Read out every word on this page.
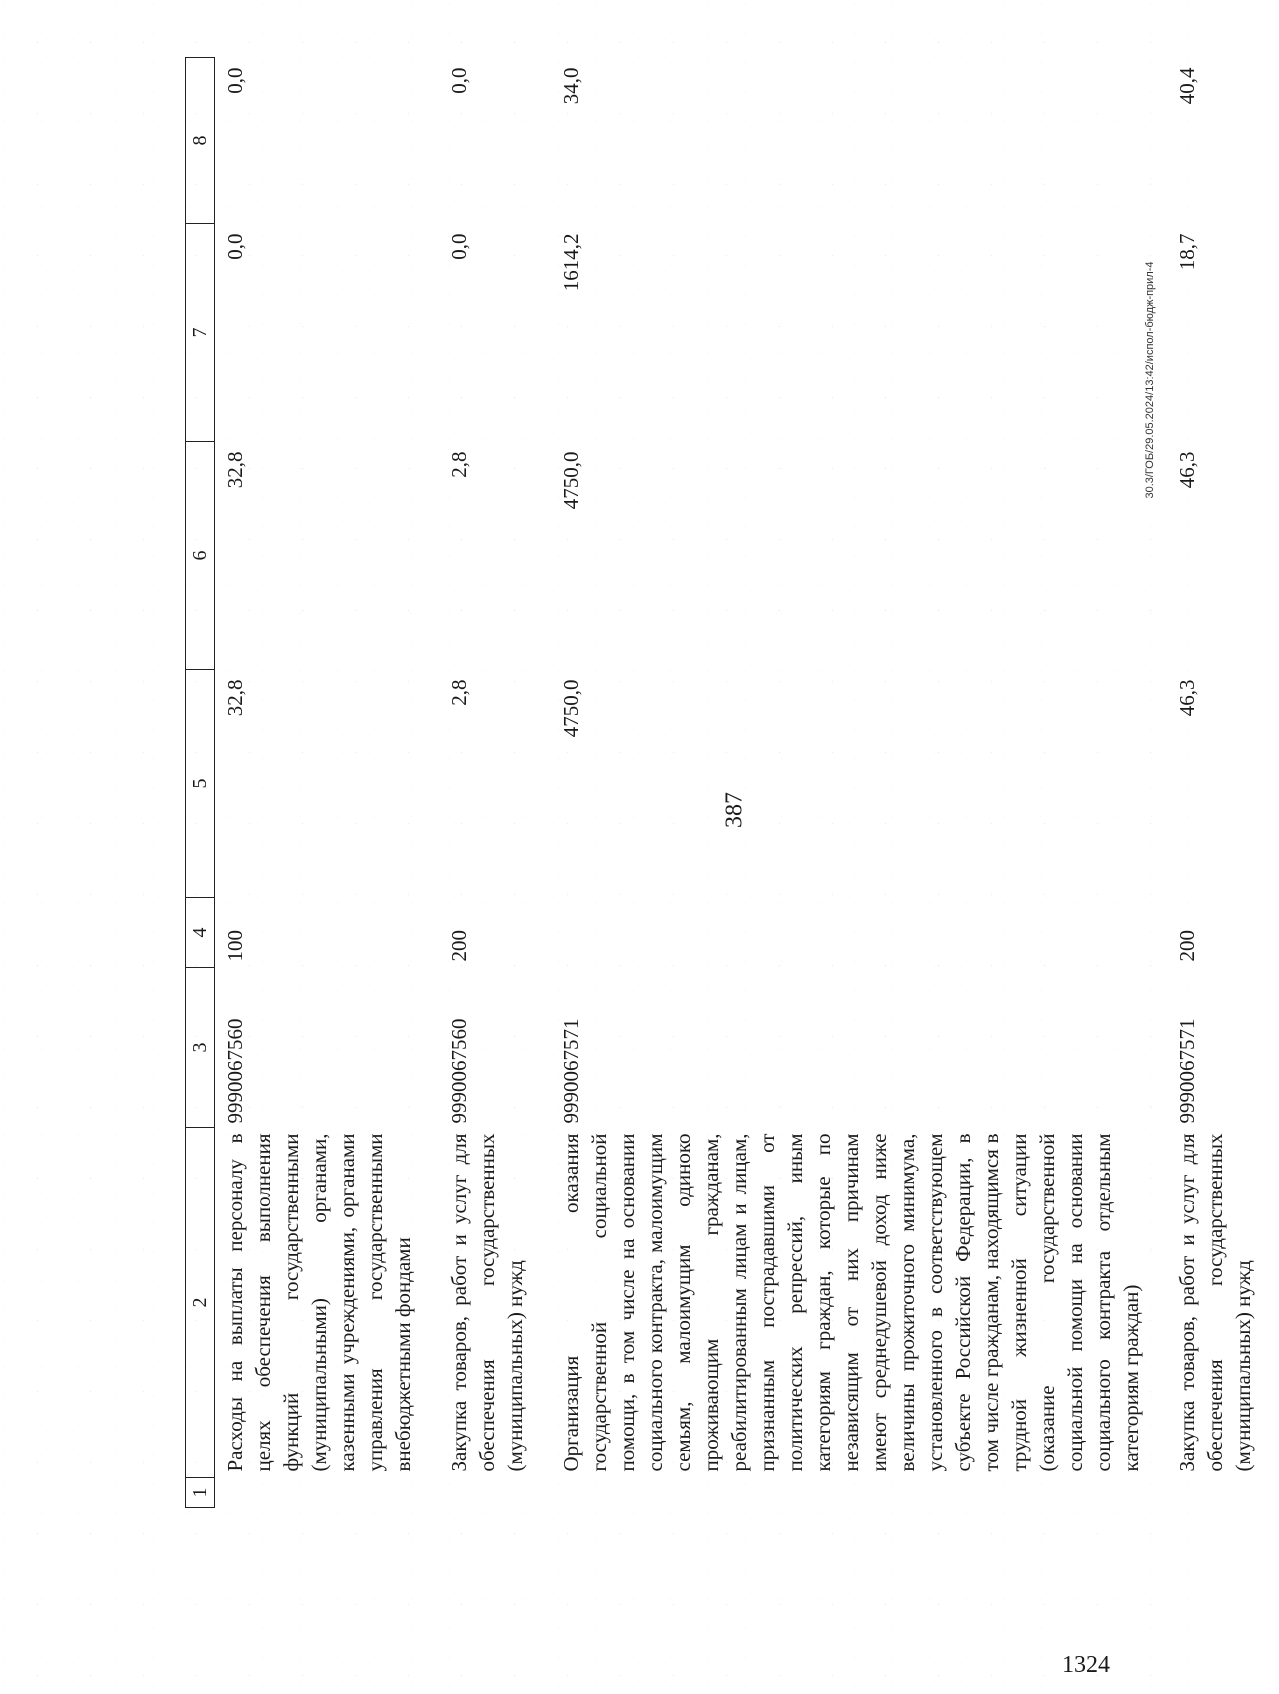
387
1	2	3	4	5	6	7	8
	Расходы на выплаты персоналу в целях обеспечения выполнения функций государственными (муниципальными) органами, казенными учреждениями, органами управления государственными внебюджетными фондами	9990067560	100	32,8	32,8	0,0	0,0
	Закупка товаров, работ и услуг для обеспечения государственных (муниципальных) нужд	9990067560	200	2,8	2,8	0,0	0,0
	Организация оказания государственной социальной помощи, в том числе на основании социального контракта, малоимущим семьям, малоимущим одиноко проживающим гражданам, реабилитированным лицам и лицам, признанным пострадавшими от политических репрессий, иным категориям граждан, которые по независящим от них причинам имеют среднедушевой доход ниже величины прожиточного минимума, установленного в соответствующем субъекте Российской Федерации, в том числе гражданам, находящимся в трудной жизненной ситуации (оказание государственной социальной помощи на основании социального контракта отдельным категориям граждан)	9990067571		4750,0	4750,0	1614,2	34,0
	Закупка товаров, работ и услуг для обеспечения государственных (муниципальных) нужд	9990067571	200	46,3	46,3	18,7	40,4
30.3/ГОБ/29.05.2024/13:42/испол-бюдж-прил-4
1324
